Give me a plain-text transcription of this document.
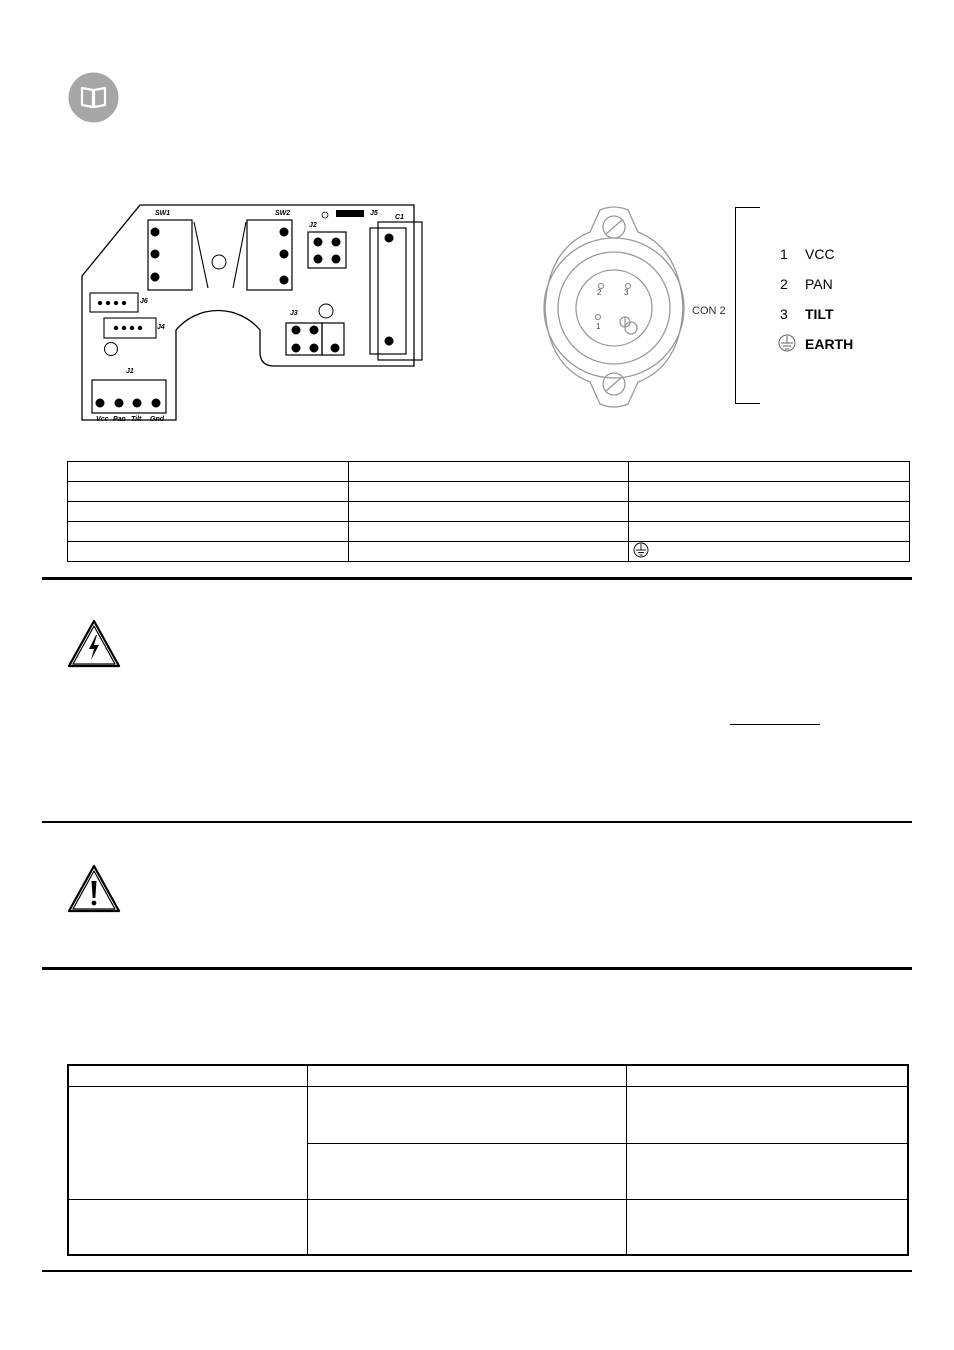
SW1	SW2
J2
J5
C1
J6
J4
J3
J1
Vcc Pan Tilt Gnd
2	3
1
CON 2
1 VCC
2 PAN
3 TILT
EARTH
